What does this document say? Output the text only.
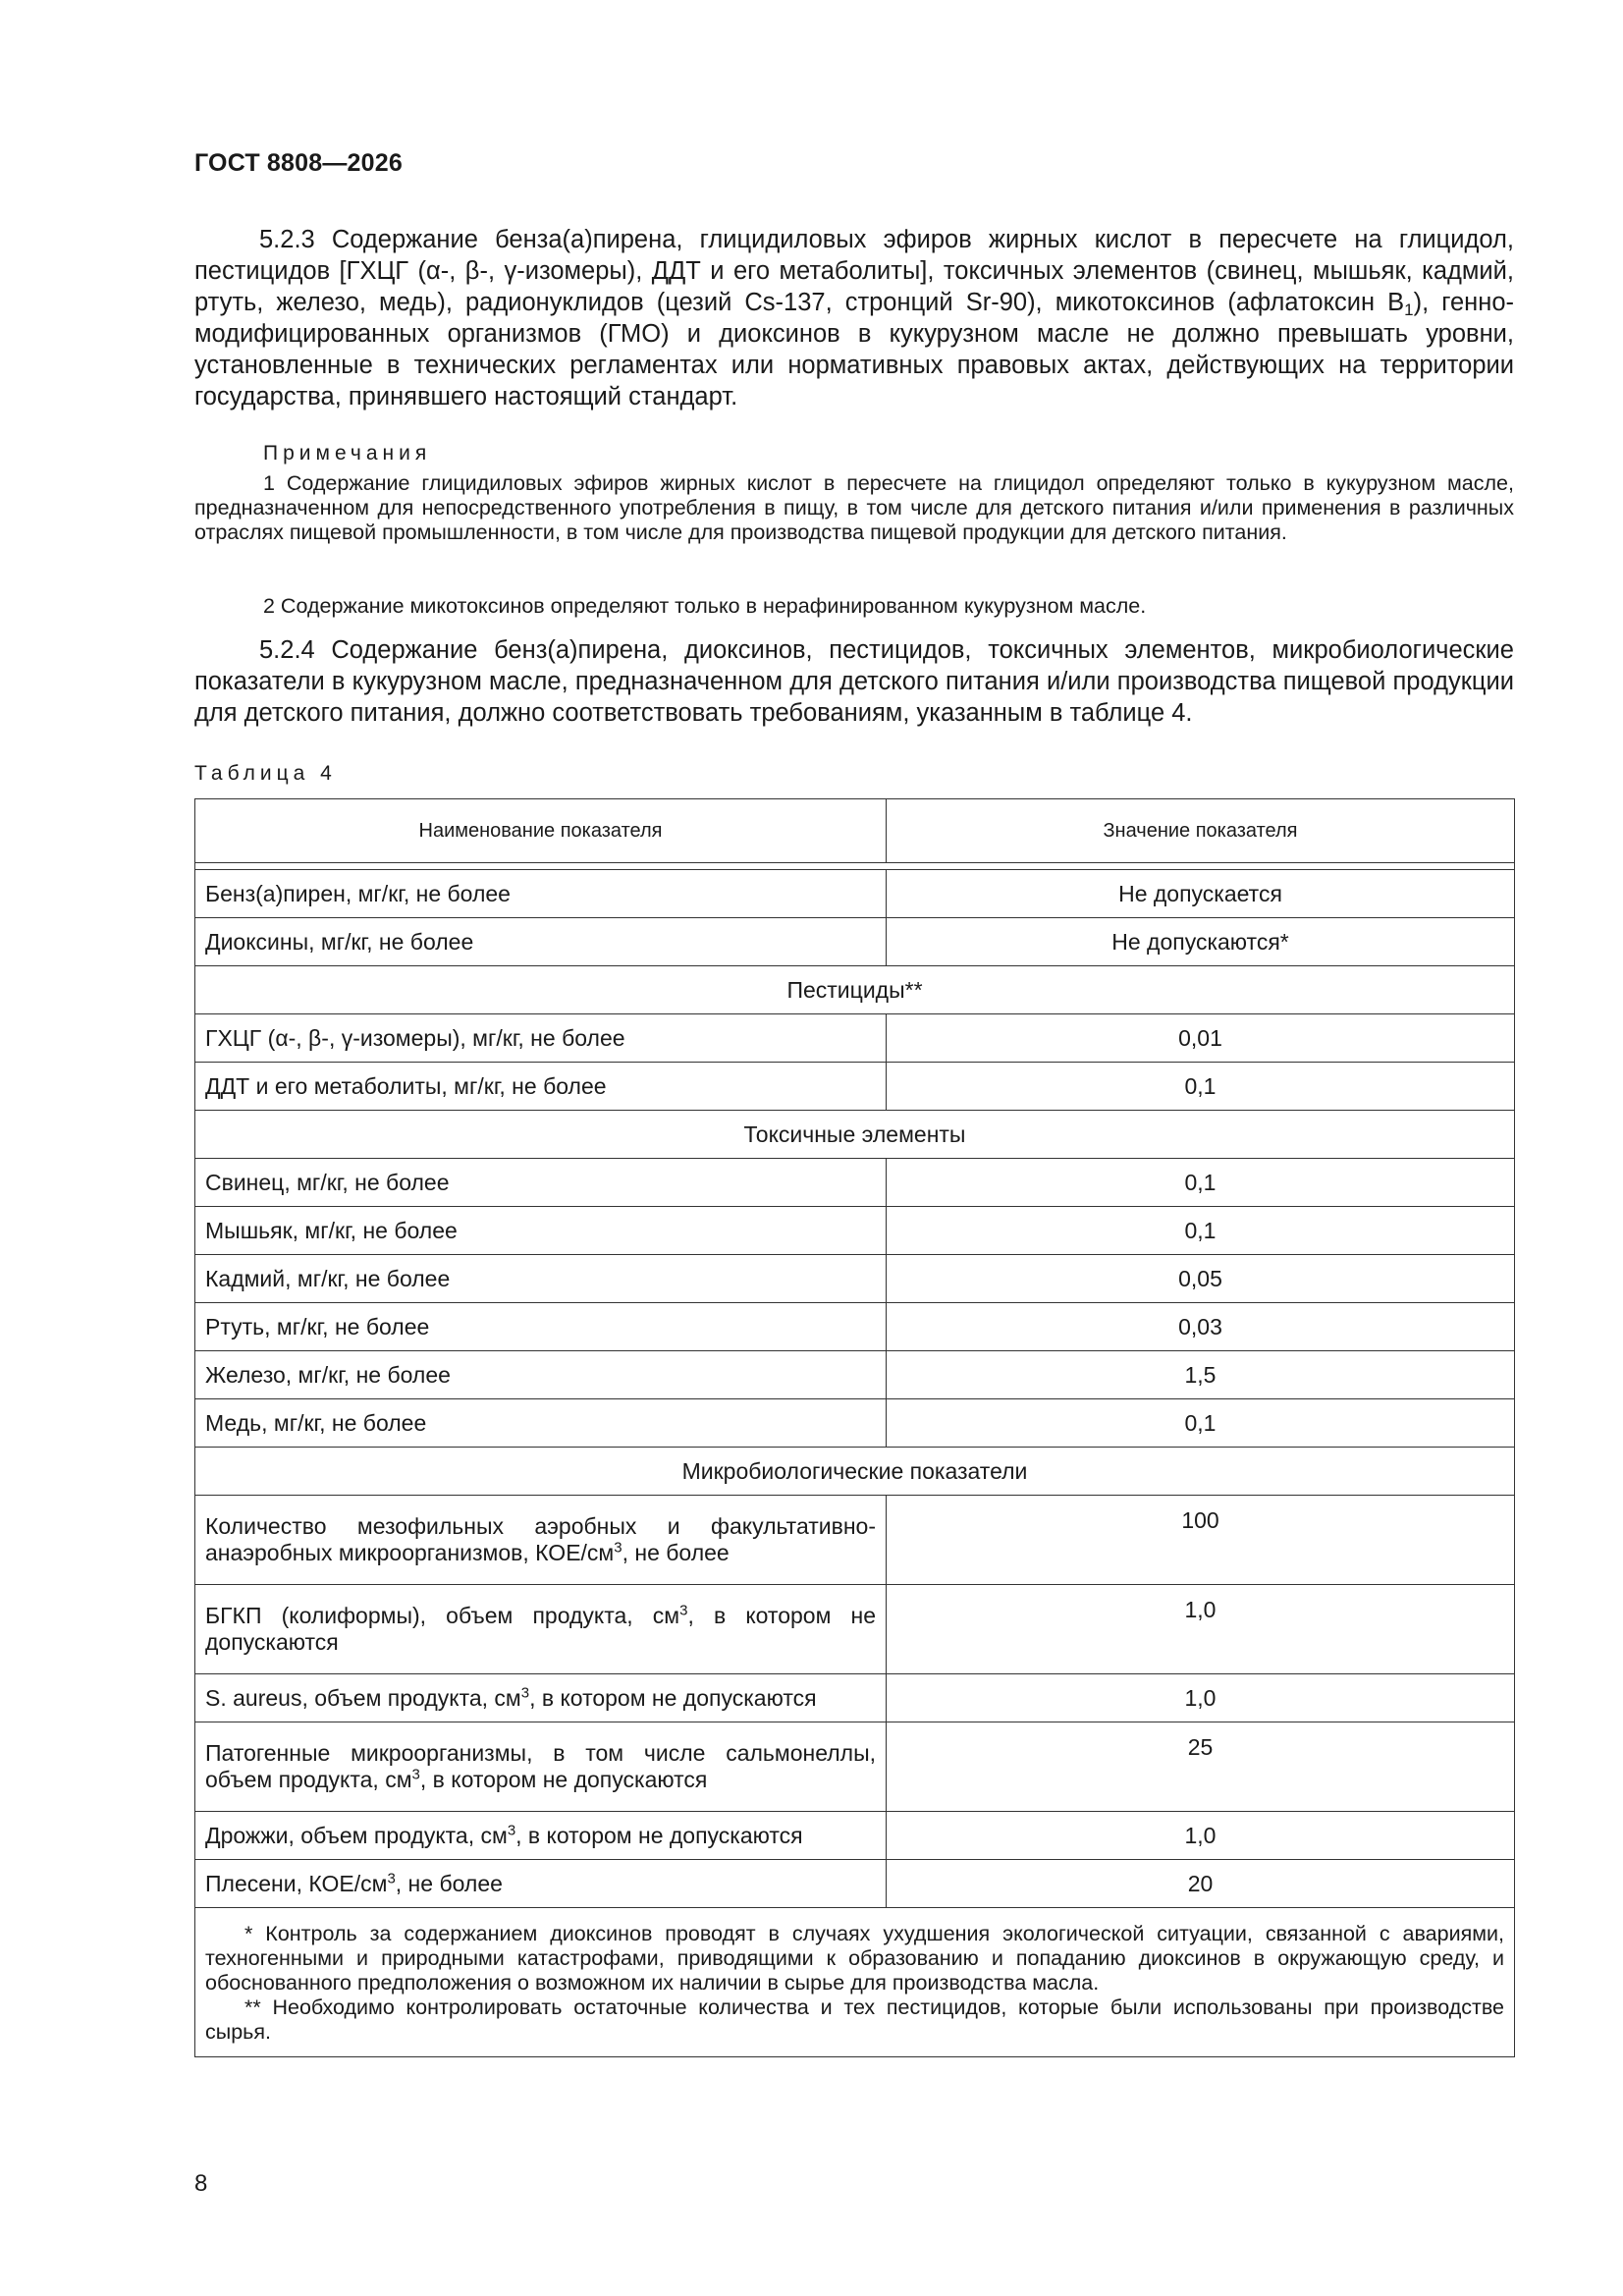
ГОСТ 8808—2026
5.2.3 Содержание бенза(а)пирена, глицидиловых эфиров жирных кислот в пересчете на глицидол, пестицидов [ГХЦГ (α-, β-, γ-изомеры), ДДТ и его метаболиты], токсичных элементов (свинец, мышьяк, кадмий, ртуть, железо, медь), радионуклидов (цезий Cs-137, стронций Sr-90), микотоксинов (афлатоксин $B_1$), генно-модифицированных организмов (ГМО) и диоксинов в кукурузном масле не должно превышать уровни, установленные в технических регламентах или нормативных правовых актах, действующих на территории государства, принявшего настоящий стандарт.
Примечания
1 Содержание глицидиловых эфиров жирных кислот в пересчете на глицидол определяют только в кукурузном масле, предназначенном для непосредственного употребления в пищу, в том числе для детского питания и/или применения в различных отраслях пищевой промышленности, в том числе для производства пищевой продукции для детского питания.
2 Содержание микотоксинов определяют только в нерафинированном кукурузном масле.
5.2.4 Содержание бенз(а)пирена, диоксинов, пестицидов, токсичных элементов, микробиологические показатели в кукурузном масле, предназначенном для детского питания и/или производства пищевой продукции для детского питания, должно соответствовать требованиям, указанным в таблице 4.
Таблица 4
Наименование показателя	Значение показателя

Бенз(а)пирен, мг/кг, не более	Не допускается
Диоксины, мг/кг, не более	Не допускаются*
Пестициды**	
ГХЦГ (α-, β-, γ-изомеры), мг/кг, не более	0,01
ДДТ и его метаболиты, мг/кг, не более	0,1
Токсичные элементы	
Свинец, мг/кг, не более	0,1
Мышьяк, мг/кг, не более	0,1
Кадмий, мг/кг, не более	0,05
Ртуть, мг/кг, не более	0,03
Железо, мг/кг, не более	1,5
Медь, мг/кг, не более	0,1
Микробиологические показатели	
Количество мезофильных аэробных и факультативно-анаэробных микроорганизмов, КОЕ/$см^3$, не более	100
БГКП (колиформы), объем продукта, $см^3$, в котором не допускаются	1,0
S. aureus, объем продукта, $см^3$, в котором не допускаются	1,0
Патогенные микроорганизмы, в том числе сальмонеллы, объем продукта, $см^3$, в котором не допускаются	25
Дрожжи, объем продукта, $см^3$, в котором не допускаются	1,0
Плесени, КОЕ/$см^3$, не более	20

* Контроль за содержанием диоксинов проводят в случаях ухудшения экологической ситуации, связанной с авариями, техногенными и природными катастрофами, приводящими к образованию и попаданию диоксинов в окружающую среду, и обоснованного предположения о возможном их наличии в сырье для производства масла.
** Необходимо контролировать остаточные количества и тех пестицидов, которые были использованы при производстве сырья.	
8
